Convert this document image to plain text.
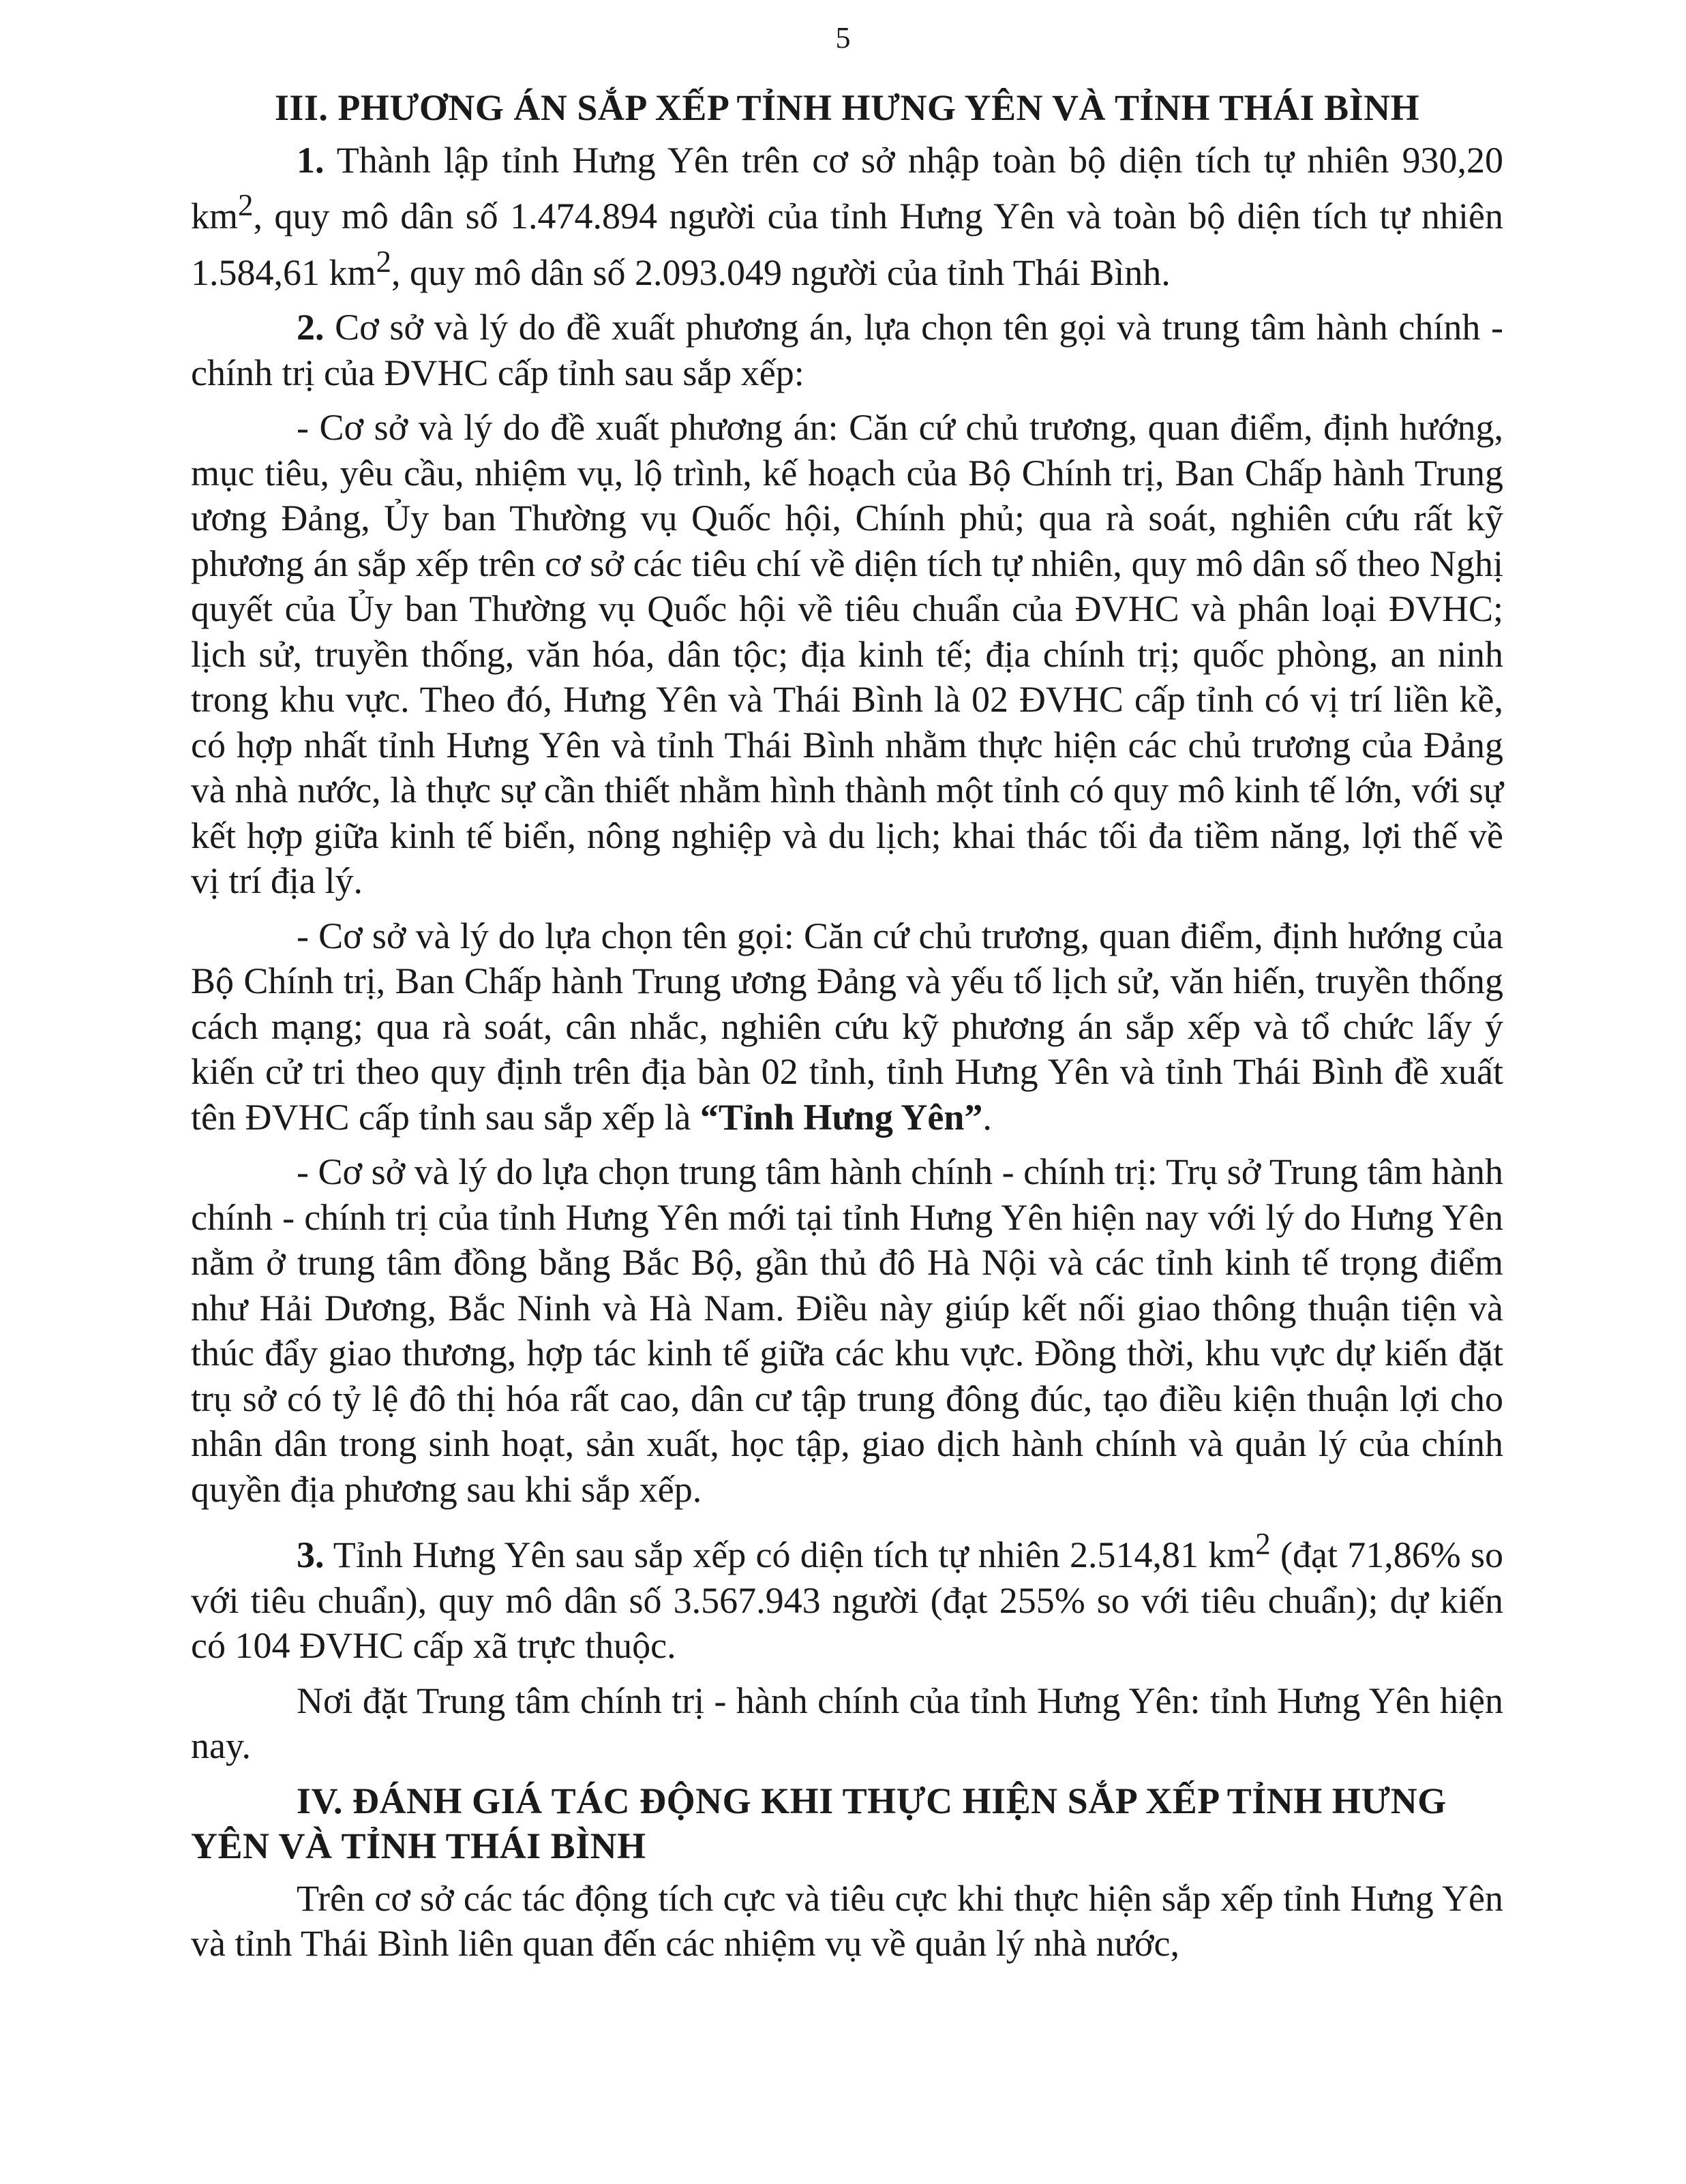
5
III. PHƯƠNG ÁN SẮP XẾP TỈNH HƯNG YÊN VÀ TỈNH THÁI BÌNH

1. Thành lập tỉnh Hưng Yên trên cơ sở nhập toàn bộ diện tích tự nhiên 930,20 $km^2$, quy mô dân số 1.474.894 người của tỉnh Hưng Yên và toàn bộ diện tích tự nhiên 1.584,61 $km^2$, quy mô dân số 2.093.049 người của tỉnh Thái Bình.

2. Cơ sở và lý do đề xuất phương án, lựa chọn tên gọi và trung tâm hành chính - chính trị của ĐVHC cấp tỉnh sau sắp xếp:

- Cơ sở và lý do đề xuất phương án: Căn cứ chủ trương, quan điểm, định hướng, mục tiêu, yêu cầu, nhiệm vụ, lộ trình, kế hoạch của Bộ Chính trị, Ban Chấp hành Trung ương Đảng, Ủy ban Thường vụ Quốc hội, Chính phủ; qua rà soát, nghiên cứu rất kỹ phương án sắp xếp trên cơ sở các tiêu chí về diện tích tự nhiên, quy mô dân số theo Nghị quyết của Ủy ban Thường vụ Quốc hội về tiêu chuẩn của ĐVHC và phân loại ĐVHC; lịch sử, truyền thống, văn hóa, dân tộc; địa kinh tế; địa chính trị; quốc phòng, an ninh trong khu vực. Theo đó, Hưng Yên và Thái Bình là 02 ĐVHC cấp tỉnh có vị trí liền kề, có hợp nhất tỉnh Hưng Yên và tỉnh Thái Bình nhằm thực hiện các chủ trương của Đảng và nhà nước, là thực sự cần thiết nhằm hình thành một tỉnh có quy mô kinh tế lớn, với sự kết hợp giữa kinh tế biển, nông nghiệp và du lịch; khai thác tối đa tiềm năng, lợi thế về vị trí địa lý.

- Cơ sở và lý do lựa chọn tên gọi: Căn cứ chủ trương, quan điểm, định hướng của Bộ Chính trị, Ban Chấp hành Trung ương Đảng và yếu tố lịch sử, văn hiến, truyền thống cách mạng; qua rà soát, cân nhắc, nghiên cứu kỹ phương án sắp xếp và tổ chức lấy ý kiến cử tri theo quy định trên địa bàn 02 tỉnh, tỉnh Hưng Yên và tỉnh Thái Bình đề xuất tên ĐVHC cấp tỉnh sau sắp xếp là “Tỉnh Hưng Yên”.

- Cơ sở và lý do lựa chọn trung tâm hành chính - chính trị: Trụ sở Trung tâm hành chính - chính trị của tỉnh Hưng Yên mới tại tỉnh Hưng Yên hiện nay với lý do Hưng Yên nằm ở trung tâm đồng bằng Bắc Bộ, gần thủ đô Hà Nội và các tỉnh kinh tế trọng điểm như Hải Dương, Bắc Ninh và Hà Nam. Điều này giúp kết nối giao thông thuận tiện và thúc đẩy giao thương, hợp tác kinh tế giữa các khu vực. Đồng thời, khu vực dự kiến đặt trụ sở có tỷ lệ đô thị hóa rất cao, dân cư tập trung đông đúc, tạo điều kiện thuận lợi cho nhân dân trong sinh hoạt, sản xuất, học tập, giao dịch hành chính và quản lý của chính quyền địa phương sau khi sắp xếp.

3. Tỉnh Hưng Yên sau sắp xếp có diện tích tự nhiên 2.514,81 $km^2$ (đạt 71,86% so với tiêu chuẩn), quy mô dân số 3.567.943 người (đạt 255% so với tiêu chuẩn); dự kiến có 104 ĐVHC cấp xã trực thuộc.

Nơi đặt Trung tâm chính trị - hành chính của tỉnh Hưng Yên: tỉnh Hưng Yên hiện nay.

IV. ĐÁNH GIÁ TÁC ĐỘNG KHI THỰC HIỆN SẮP XẾP TỈNH HƯNG YÊN VÀ TỈNH THÁI BÌNH

Trên cơ sở các tác động tích cực và tiêu cực khi thực hiện sắp xếp tỉnh Hưng Yên và tỉnh Thái Bình liên quan đến các nhiệm vụ về quản lý nhà nước,
